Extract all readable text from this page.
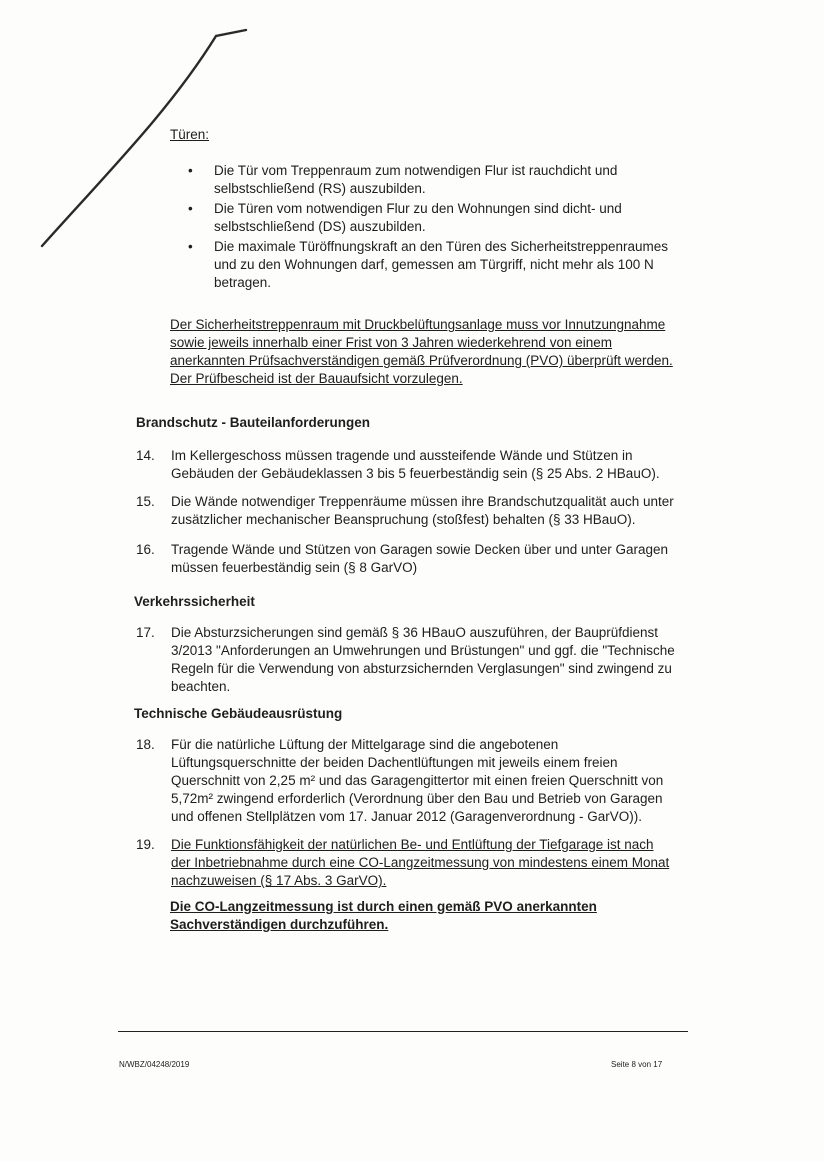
Türen:
• Die Tür vom Treppenraum zum notwendigen Flur ist rauchdicht und selbstschließend (RS) auszubilden.
• Die Türen vom notwendigen Flur zu den Wohnungen sind dicht- und selbstschließend (DS) auszubilden.
• Die maximale Türöffnungskraft an den Türen des Sicherheitstreppenraumes und zu den Wohnungen darf, gemessen am Türgriff, nicht mehr als 100 N betragen.
Der Sicherheitstreppenraum mit Druckbelüftungsanlage muss vor Innutzungnahme sowie jeweils innerhalb einer Frist von 3 Jahren wiederkehrend von einem anerkannten Prüfsachverständigen gemäß Prüfverordnung (PVO) überprüft werden. Der Prüfbescheid ist der Bauaufsicht vorzulegen.
Brandschutz - Bauteilanforderungen
14.	Im Kellergeschoss müssen tragende und aussteifende Wände und Stützen in Gebäuden der Gebäudeklassen 3 bis 5 feuerbeständig sein (§ 25 Abs. 2 HBauO).
15.	Die Wände notwendiger Treppenräume müssen ihre Brandschutzqualität auch unter zusätzlicher mechanischer Beanspruchung (stoßfest) behalten (§ 33 HBauO).
16.	Tragende Wände und Stützen von Garagen sowie Decken über und unter Garagen müssen feuerbeständig sein (§ 8 GarVO)
Verkehrssicherheit
17.	Die Absturzsicherungen sind gemäß § 36 HBauO auszuführen, der Bauprüfdienst 3/2013 "Anforderungen an Umwehrungen und Brüstungen" und ggf. die "Technische Regeln für die Verwendung von absturzsichernden Verglasungen" sind zwingend zu beachten.
Technische Gebäudeausrüstung
18.	Für die natürliche Lüftung der Mittelgarage sind die angebotenen Lüftungsquerschnitte der beiden Dachentlüftungen mit jeweils einem freien Querschnitt von 2,25 m² und das Garagengittertor mit einen freien Querschnitt von 5,72m² zwingend erforderlich (Verordnung über den Bau und Betrieb von Garagen und offenen Stellplätzen vom 17. Januar 2012 (Garagenverordnung - GarVO)).
19.	Die Funktionsfähigkeit der natürlichen Be- und Entlüftung der Tiefgarage ist nach der Inbetriebnahme durch eine CO-Langzeitmessung von mindestens einem Monat nachzuweisen (§ 17 Abs. 3 GarVO).
Die CO-Langzeitmessung ist durch einen gemäß PVO anerkannten Sachverständigen durchzuführen.
N/WBZ/04248/2019	Seite 8 von 17
